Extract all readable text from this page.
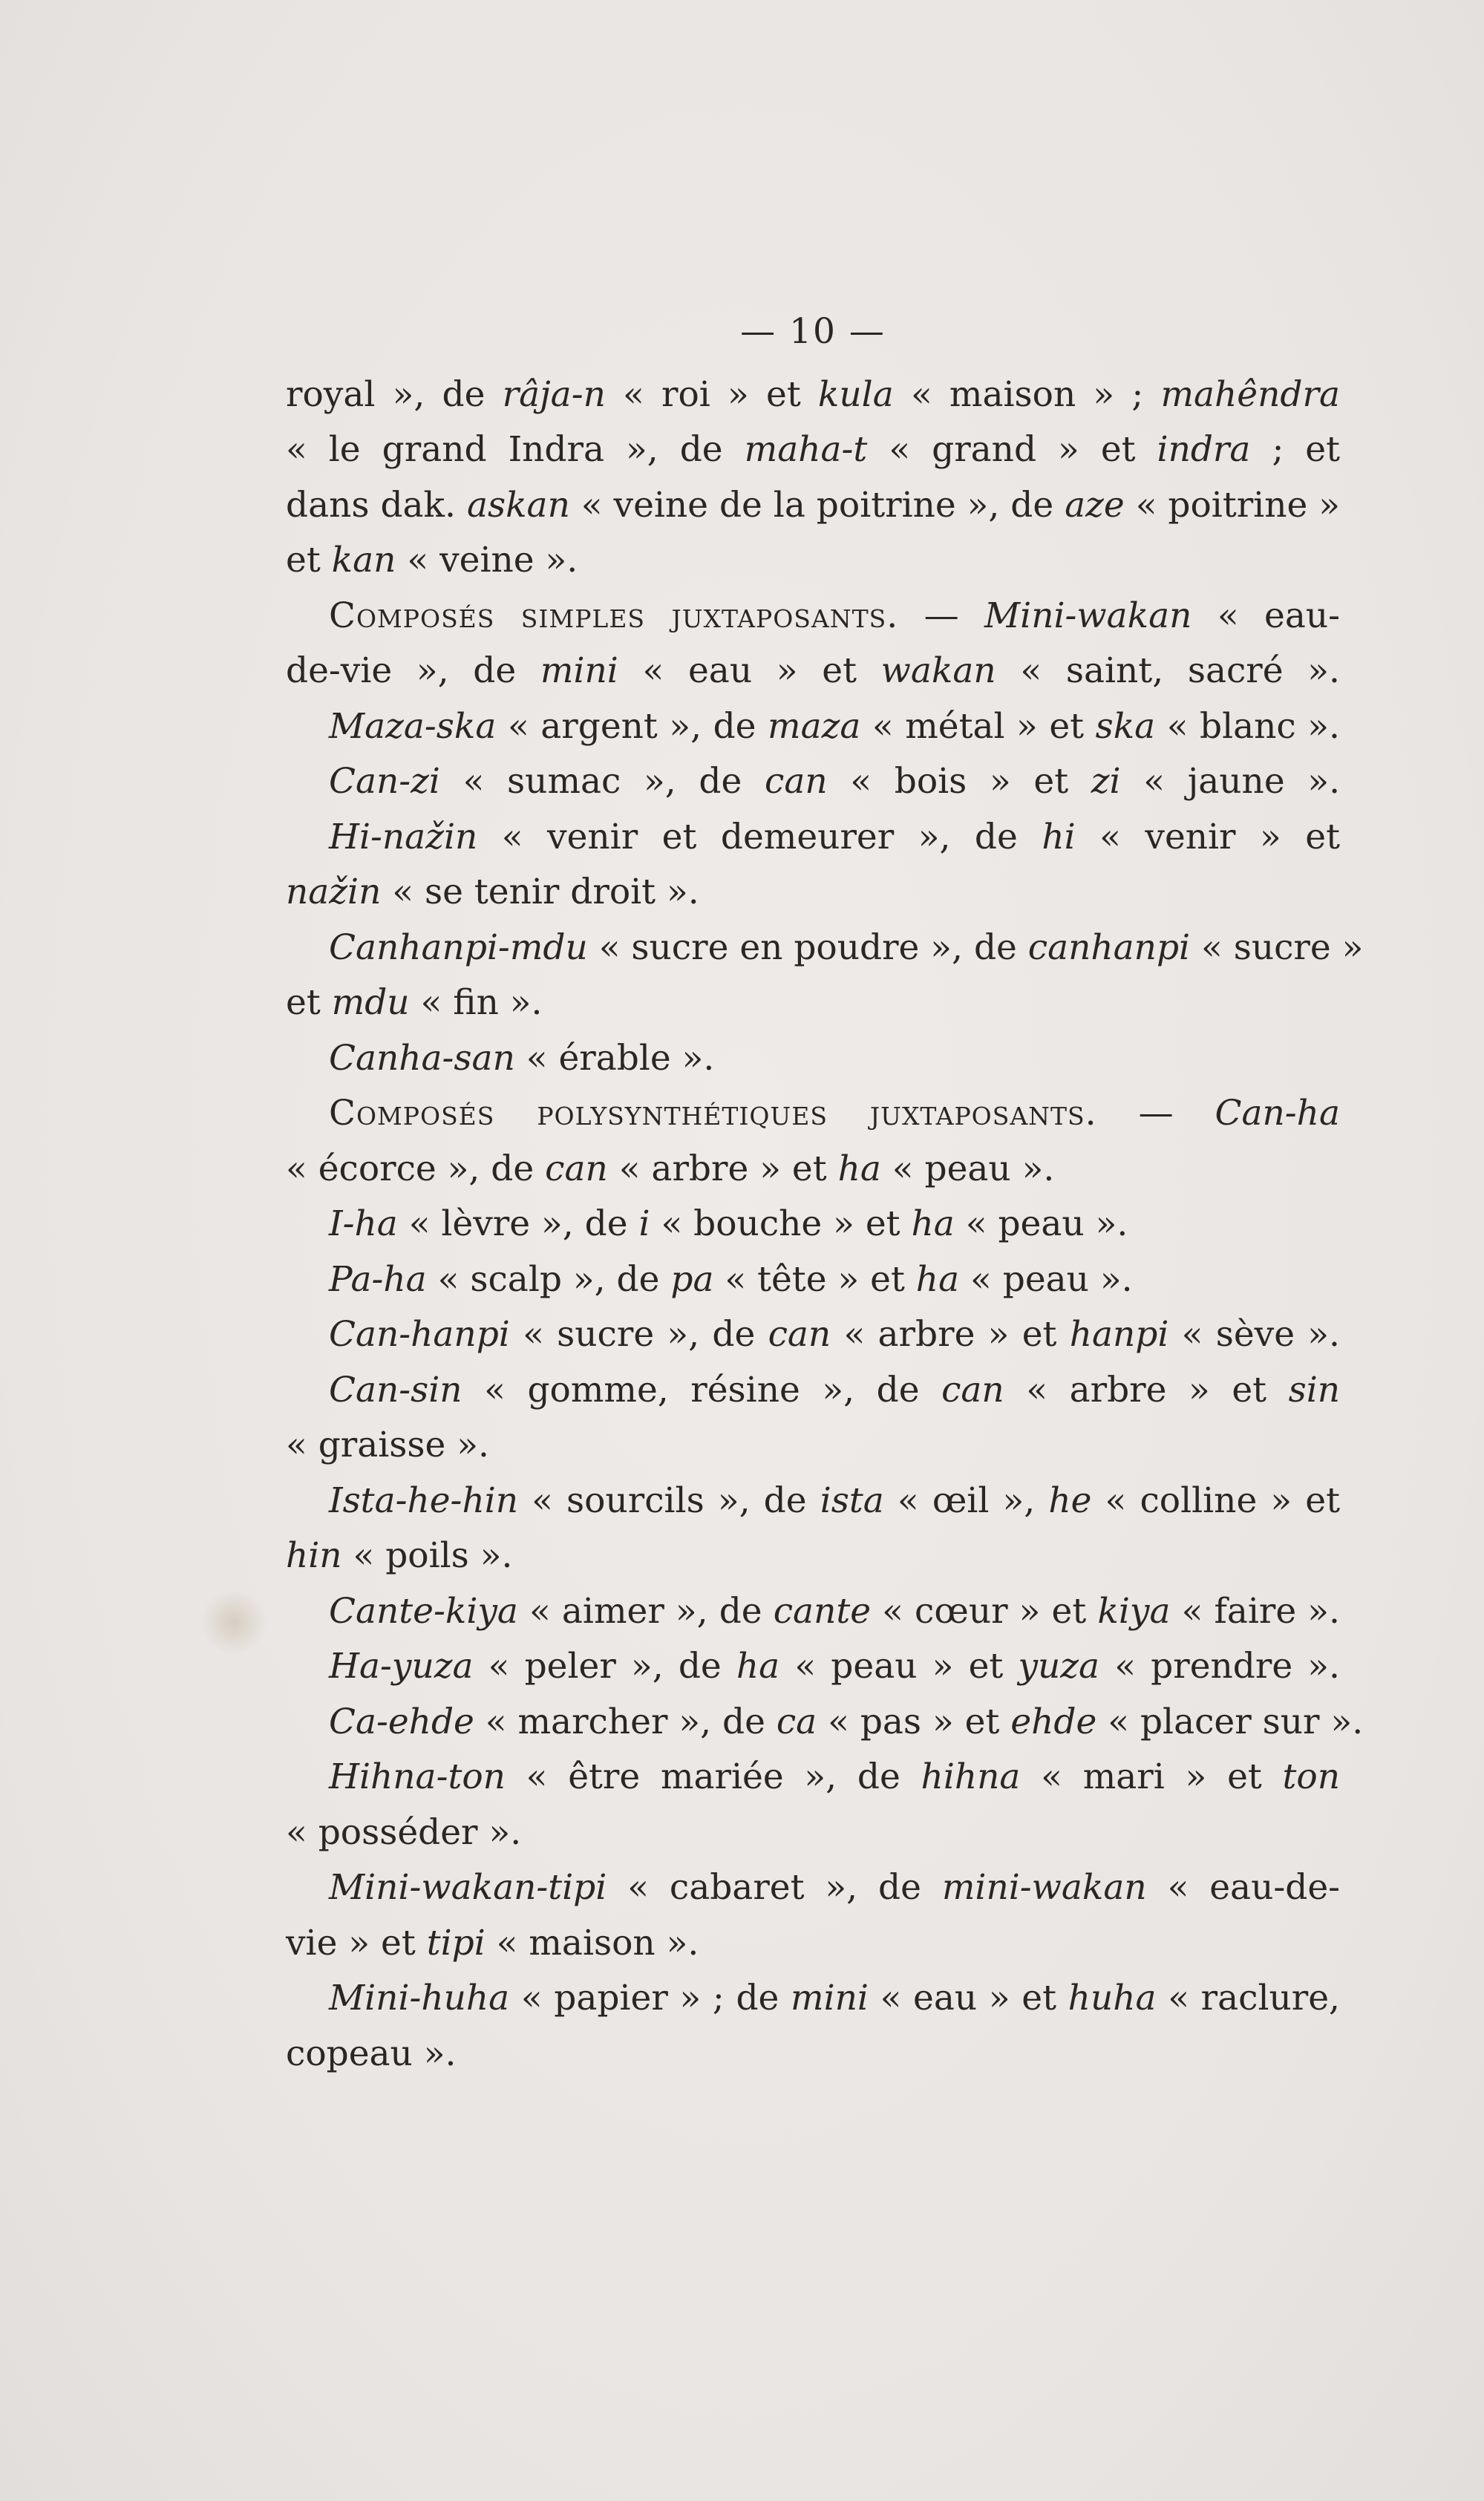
— 10 —
royal », de râja-n « roi » et kula « maison » ; mahêndra
« le grand Indra », de maha-t « grand » et indra ; et
dans dak. askan « veine de la poitrine », de aze « poitrine »
et kan « veine ».
Composés simples juxtaposants. — Mini-wakan « eau-
de-vie », de mini « eau » et wakan « saint, sacré ».
Maza-ska « argent », de maza « métal » et ska « blanc ».
Can-zi « sumac », de can « bois » et zi « jaune ».
Hi-nažin « venir et demeurer », de hi « venir » et
nažin « se tenir droit ».
Canhanpi-mdu « sucre en poudre », de canhanpi « sucre »
et mdu « fin ».
Canha-san « érable ».
Composés polysynthétiques juxtaposants. — Can-ha
« écorce », de can « arbre » et ha « peau ».
I-ha « lèvre », de i « bouche » et ha « peau ».
Pa-ha « scalp », de pa « tête » et ha « peau ».
Can-hanpi « sucre », de can « arbre » et hanpi « sève ».
Can-sin « gomme, résine », de can « arbre » et sin
« graisse ».
Ista-he-hin « sourcils », de ista « œil », he « colline » et
hin « poils ».
Cante-kiya « aimer », de cante « cœur » et kiya « faire ».
Ha-yuza « peler », de ha « peau » et yuza « prendre ».
Ca-ehde « marcher », de ca « pas » et ehde « placer sur ».
Hihna-ton « être mariée », de hihna « mari » et ton
« posséder ».
Mini-wakan-tipi « cabaret », de mini-wakan « eau-de-
vie » et tipi « maison ».
Mini-huha « papier » ; de mini « eau » et huha « raclure,
copeau ».
